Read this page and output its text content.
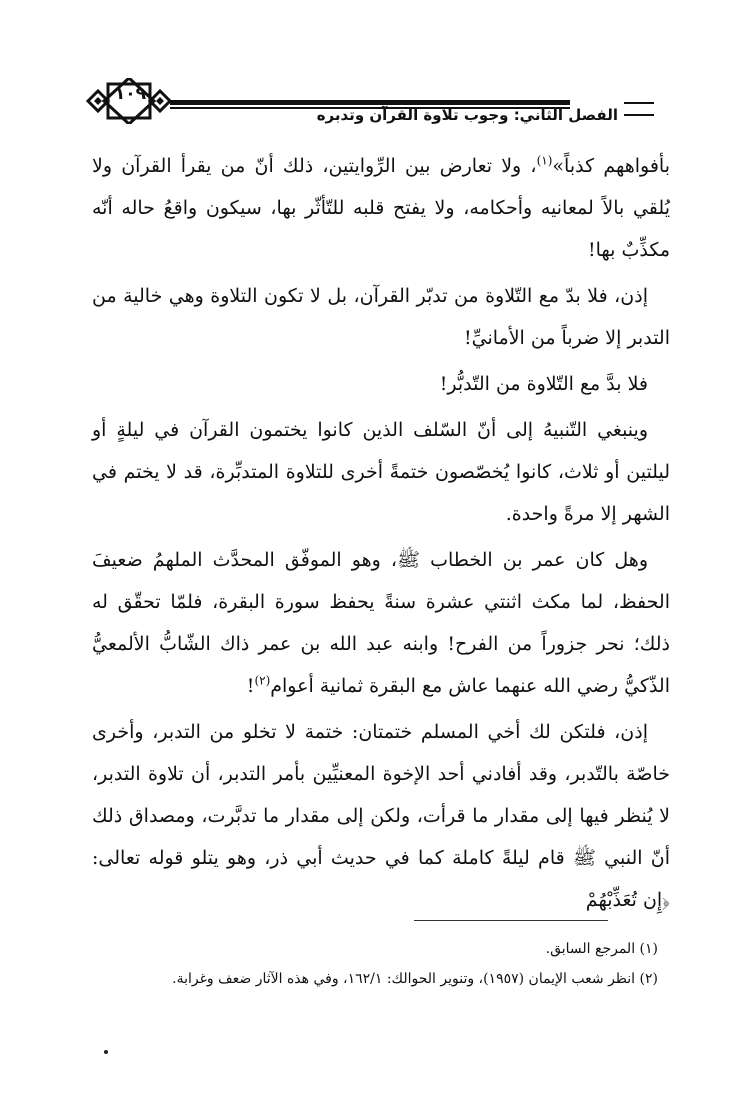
١٠٩
الفصل الثاني: وجوب تلاوة القرآن وتدبره

بأفواههم كذباً»$^{(١)}$، ولا تعارض بين الرِّوايتين، ذلك أنّ من يقرأ القرآن ولا يُلقي بالاً لمعانيه وأحكامه، ولا يفتح قلبه للتّأثّر بها، سيكون واقعُ حاله أنّه مكذِّبٌ بها!

إذن، فلا بدّ مع التّلاوة من تدبّر القرآن، بل لا تكون التلاوة وهي خالية من التدبر إلا ضرباً من الأمانيِّ!

فلا بدَّ مع التّلاوة من التّدبُّر!

وينبغي التّنبيهُ إلى أنّ السّلف الذين كانوا يختمون القرآن في ليلةٍ أو ليلتين أو ثلاث، كانوا يُخصّصون ختمةً أخرى للتلاوة المتدبِّرة، قد لا يختم في الشهر إلا مرةً واحدة.

وهل كان عمر بن الخطاب ﷺ، وهو الموفّق المحدَّث الملهمُ ضعيفَ الحفظ، لما مكث اثنتي عشرة سنةً يحفظ سورة البقرة، فلمّا تحقّق له ذلك؛ نحر جزوراً من الفرح! وابنه عبد الله بن عمر ذاك الشّابُّ الألمعيُّ الذّكيُّ رضي الله عنهما عاش مع البقرة ثمانية أعوام$^{(٢)}$!

إذن، فلتكن لك أخي المسلم ختمتان: ختمة لا تخلو من التدبر، وأخرى خاصّة بالتّدبر، وقد أفادني أحد الإخوة المعنيِّين بأمر التدبر، أن تلاوة التدبر، لا يُنظر فيها إلى مقدار ما قرأت، ولكن إلى مقدار ما تدبَّرت، ومصداق ذلك أنّ النبي ﷺ قام ليلةً كاملة كما في حديث أبي ذر، وهو يتلو قوله تعالى: ﴿إِن تُعَذِّبْهُمْ

(١) المرجع السابق.
(٢) انظر شعب الإيمان (١٩٥٧)، وتنوير الحوالك: ١٦٢/١، وفي هذه الآثار ضعف وغرابة.
